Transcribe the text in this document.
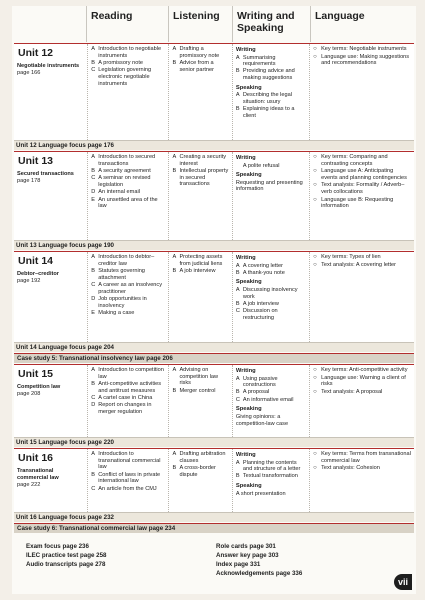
Reading	Listening	Writing and Speaking
Language
Unit 12
Negotiable instruments
page 166
A Introduction to negotiable instruments
B A promissory note
C Legislation governing electronic negotiable instruments
A Drafting a promissory note
B Advice from a senior partner
Writing
A Summarising requirements
B Providing advice and making suggestions
Speaking
A Describing the legal situation: usury
B Explaining ideas to a client
○ Key terms: Negotiable instruments
○ Language use: Making suggestions and recommendations
Unit 12 Language focus page 176
Unit 13
Secured transactions
page 178
A Introduction to secured transactions
B A security agreement
C A seminar on revised legislation
D An internal email
E An unsettled area of the law
A Creating a security interest
B Intellectual property in secured transactions
Writing
A polite refusal
Speaking
Requesting and presenting information
○ Key terms: Comparing and contrasting concepts
○ Language use A: Anticipating events and planning contingencies
○ Text analysis: Formality / Adverb–verb collocations
○ Language use B: Requesting information
Unit 13 Language focus page 190
Unit 14
Debtor–creditor
page 192
A Introduction to debtor–creditor law
B Statutes governing attachment
C A career as an insolvency practitioner
D Job opportunities in insolvency
E Making a case
A Protecting assets from judicial liens
B A job interview
Writing
A A covering letter
B A thank-you note
Speaking
A Discussing insolvency work
B A job interview
C Discussion on restructuring
○ Key terms: Types of lien
○ Text analysis: A covering letter
Unit 14 Language focus page 204
Case study 5: Transnational insolvency law page 206
Unit 15
Competition law
page 208
A Introduction to competition law
B Anti-competitive activities and antitrust measures
C A cartel case in China
D Report on changes in merger regulation
A Advising on competition law risks
B Merger control
Writing
A Using passive constructions
B A proposal
C An informative email
Speaking
Giving opinions: a competition-law case
○ Key terms: Anti-competitive activity
○ Language use: Warning a client of risks
○ Text analysis: A proposal
Unit 15 Language focus page 220
Unit 16
Transnational commercial law
page 222
A Introduction to transnational commercial law
B Conflict of laws in private international law
C An article from the CMJ
A Drafting arbitration clauses
B A cross-border dispute
Writing
A Planning the contents and structure of a letter
B Textual transformation
Speaking
A short presentation
○ Key terms: Terms from transnational commercial law
○ Text analysis: Cohesion
Unit 16 Language focus page 232
Case study 6: Transnational commercial law page 234
Exam focus page 236
ILEC practice test page 258
Audio transcripts page 278
Role cards page 301
Answer key page 303
Index page 331
Acknowledgements page 336
vii
